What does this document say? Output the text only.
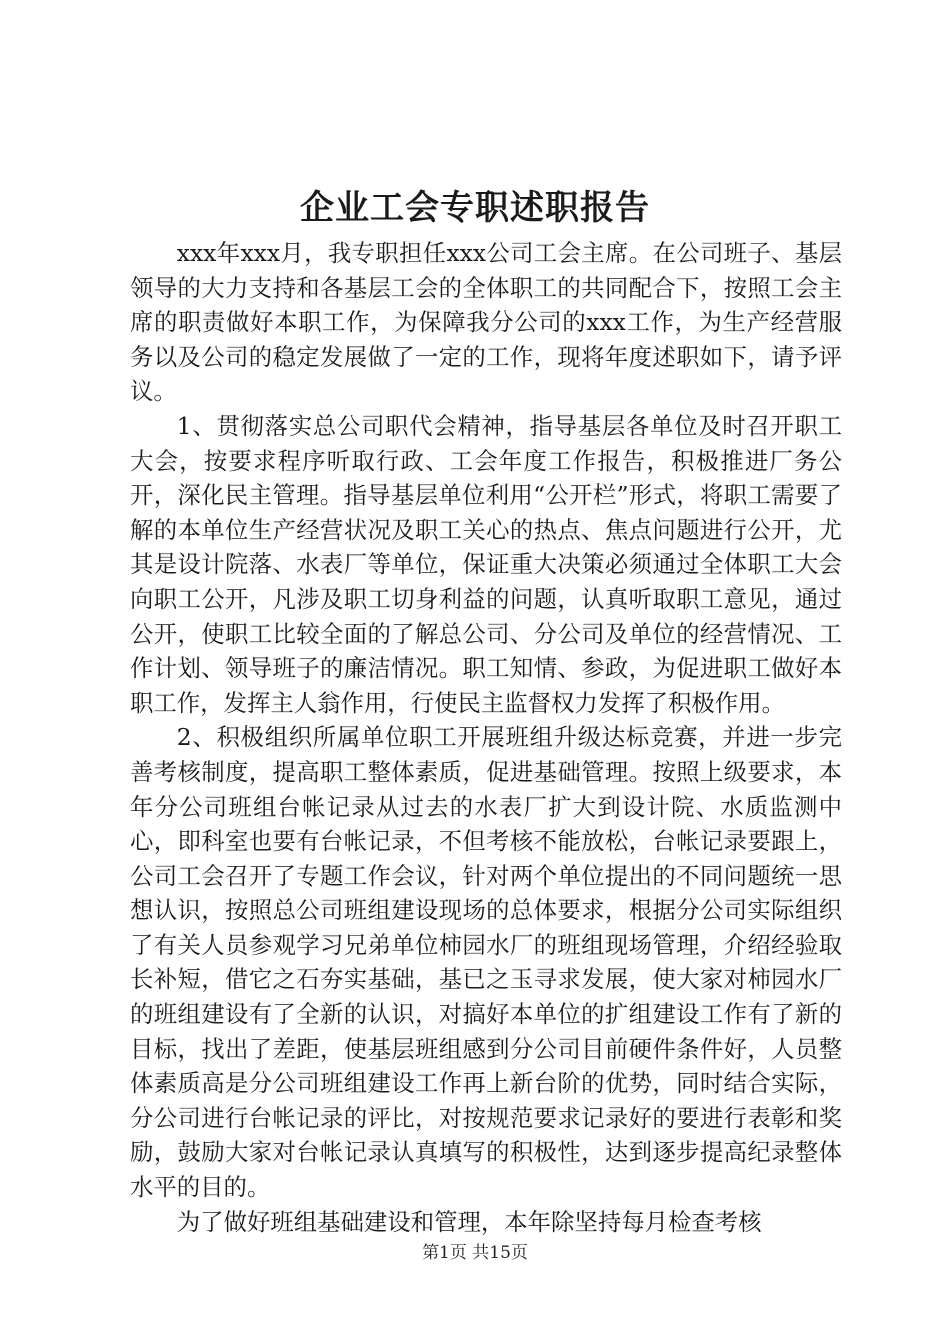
企业工会专职述职报告

xxx年xxx月，我专职担任xxx公司工会主席。在公司班子、基层领导的大力支持和各基层工会的全体职工的共同配合下，按照工会主席的职责做好本职工作，为保障我分公司的xxx工作，为生产经营服务以及公司的稳定发展做了一定的工作，现将年度述职如下，请予评议。

1、贯彻落实总公司职代会精神，指导基层各单位及时召开职工大会，按要求程序听取行政、工会年度工作报告，积极推进厂务公开，深化民主管理。指导基层单位利用“公开栏”形式，将职工需要了解的本单位生产经营状况及职工关心的热点、焦点问题进行公开，尤其是设计院落、水表厂等单位，保证重大决策必须通过全体职工大会向职工公开，凡涉及职工切身利益的问题，认真听取职工意见，通过公开，使职工比较全面的了解总公司、分公司及单位的经营情况、工作计划、领导班子的廉洁情况。职工知情、参政，为促进职工做好本职工作，发挥主人翁作用，行使民主监督权力发挥了积极作用。

2、积极组织所属单位职工开展班组升级达标竞赛，并进一步完善考核制度，提高职工整体素质，促进基础管理。按照上级要求，本年分公司班组台帐记录从过去的水表厂扩大到设计院、水质监测中心，即科室也要有台帐记录，不但考核不能放松，台帐记录要跟上，公司工会召开了专题工作会议，针对两个单位提出的不同问题统一思想认识，按照总公司班组建设现场的总体要求，根据分公司实际组织了有关人员参观学习兄弟单位柿园水厂的班组现场管理，介绍经验取长补短，借它之石夯实基础，基已之玉寻求发展，使大家对柿园水厂的班组建设有了全新的认识，对搞好本单位的扩组建设工作有了新的目标，找出了差距，使基层班组感到分公司目前硬件条件好，人员整体素质高是分公司班组建设工作再上新台阶的优势，同时结合实际，分公司进行台帐记录的评比，对按规范要求记录好的要进行表彰和奖励，鼓励大家对台帐记录认真填写的积极性，达到逐步提高纪录整体水平的目的。

为了做好班组基础建设和管理，本年除坚持每月检查考核

第1页 共15页
